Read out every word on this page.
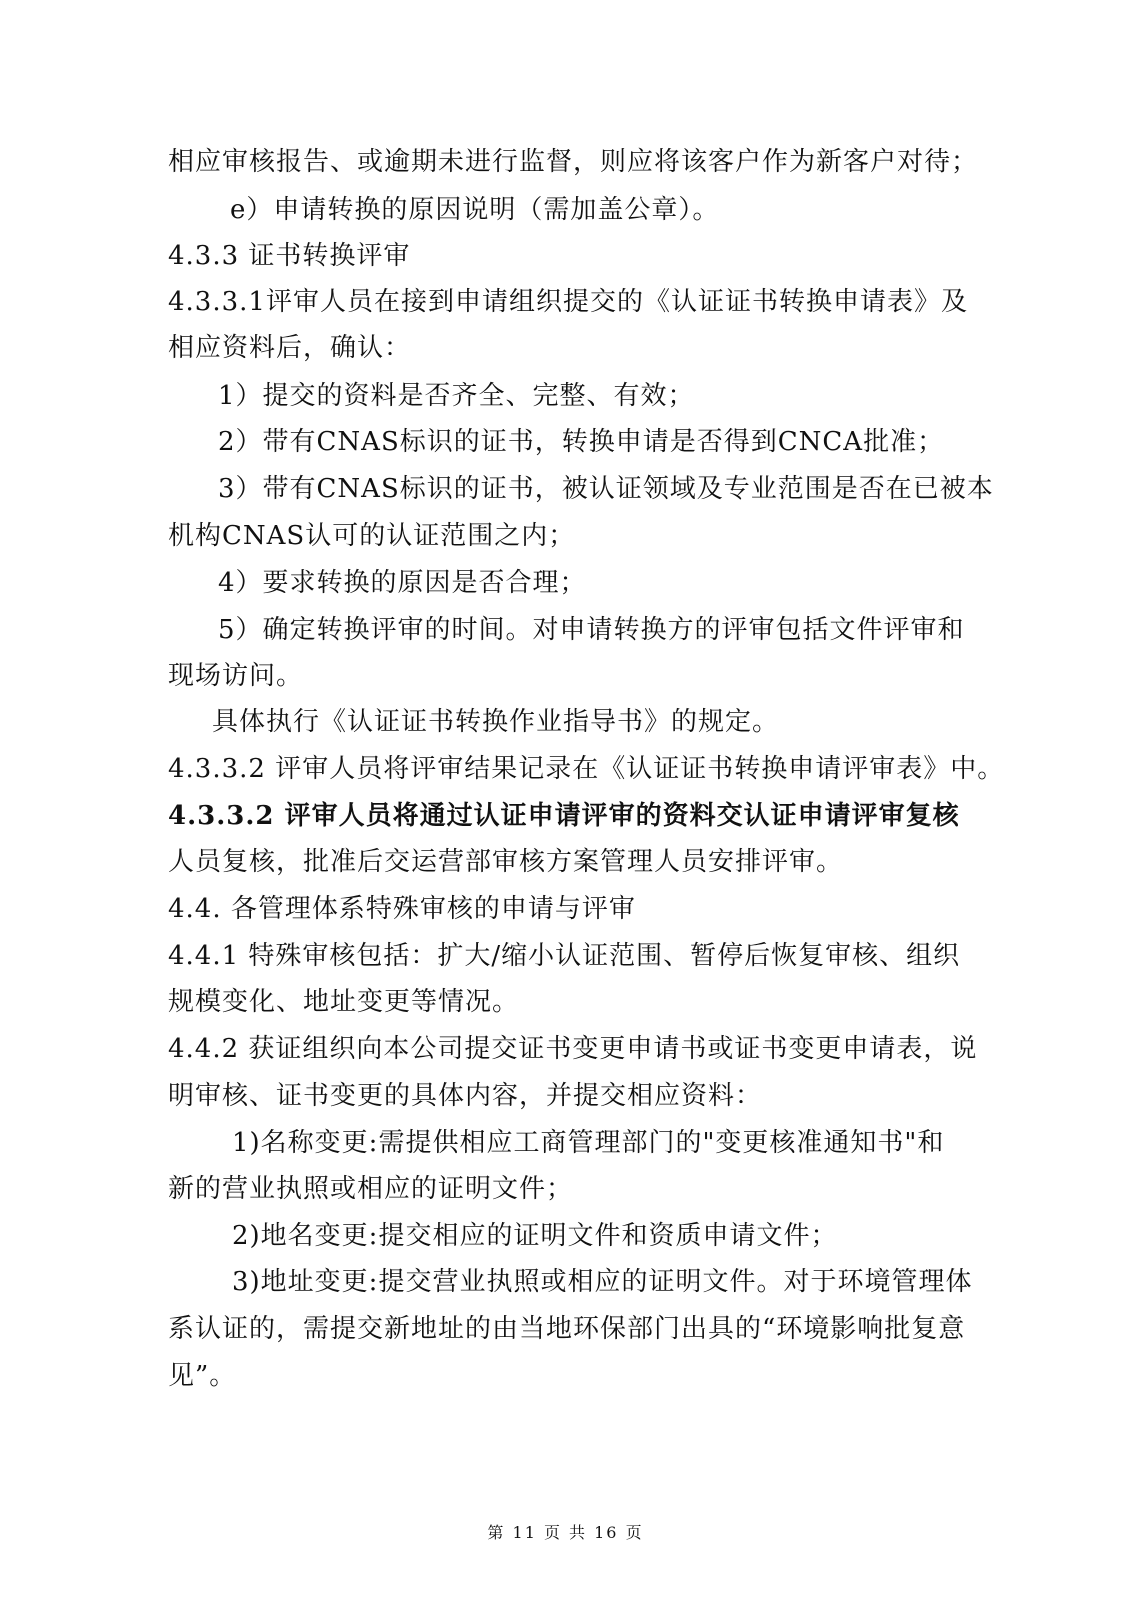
相应审核报告、或逾期未进行监督，则应将该客户作为新客户对待；
e）申请转换的原因说明（需加盖公章）。
4.3.3 证书转换评审
4.3.3.1评审人员在接到申请组织提交的《认证证书转换申请表》及
相应资料后，确认：
1）提交的资料是否齐全、完整、有效；
2）带有CNAS标识的证书，转换申请是否得到CNCA批准；
3）带有CNAS标识的证书，被认证领域及专业范围是否在已被本
机构CNAS认可的认证范围之内；
4）要求转换的原因是否合理；
5）确定转换评审的时间。对申请转换方的评审包括文件评审和
现场访问。
具体执行《认证证书转换作业指导书》的规定。
4.3.3.2 评审人员将评审结果记录在《认证证书转换申请评审表》中。
4.3.3.2 评审人员将通过认证申请评审的资料交认证申请评审复核
人员复核，批准后交运营部审核方案管理人员安排评审。
4.4. 各管理体系特殊审核的申请与评审
4.4.1 特殊审核包括：扩大/缩小认证范围、暂停后恢复审核、组织
规模变化、地址变更等情况。
4.4.2 获证组织向本公司提交证书变更申请书或证书变更申请表，说
明审核、证书变更的具体内容，并提交相应资料：
1)名称变更:需提供相应工商管理部门的"变更核准通知书"和
新的营业执照或相应的证明文件；
2)地名变更:提交相应的证明文件和资质申请文件；
3)地址变更:提交营业执照或相应的证明文件。对于环境管理体
系认证的，需提交新地址的由当地环保部门出具的“环境影响批复意
见”。
第 11 页 共 16 页
